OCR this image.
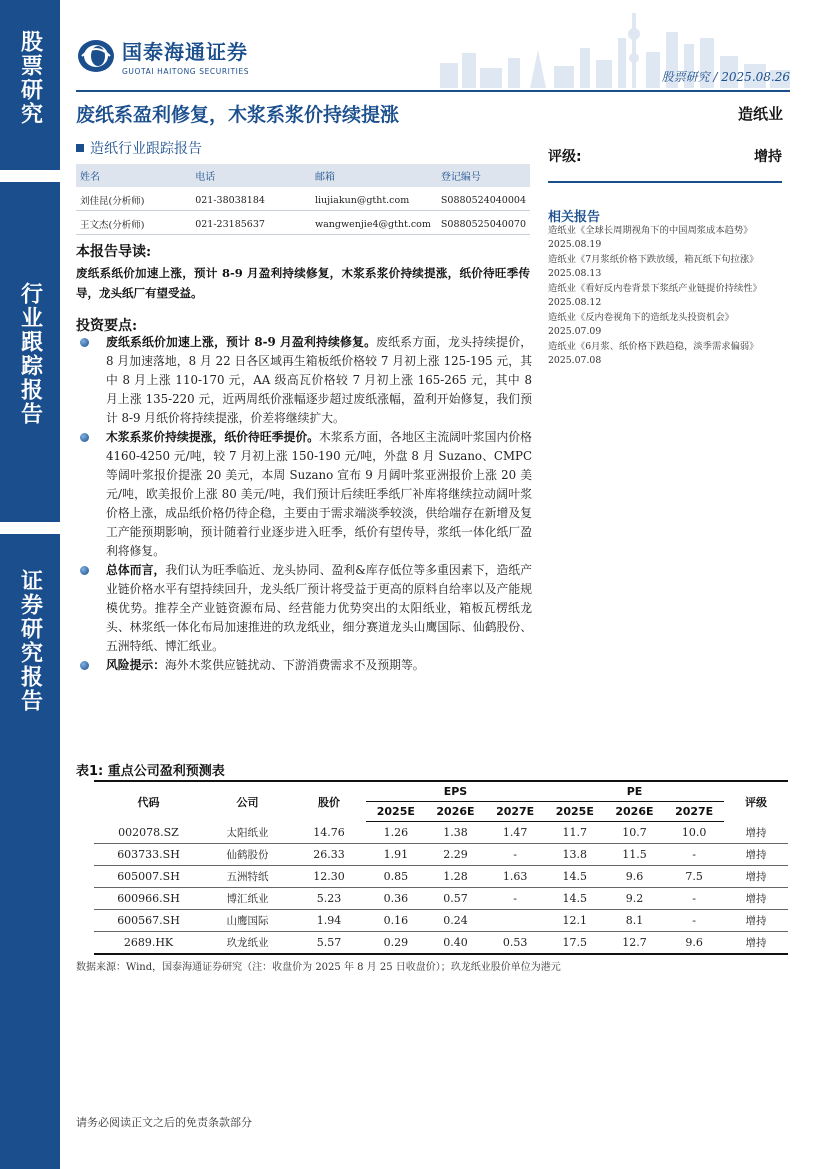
股票研究
行业跟踪报告
证券研究报告
国泰海通证券
GUOTAI HAITONG SECURITIES	股票研究 / 2025.08.26
废纸系盈利修复，木浆系浆价持续提涨	造纸业
造纸行业跟踪报告	评级:	增持
姓名	电话	邮箱	登记编号
刘佳昆(分析师)	021-38038184	liujiakun@gtht.com	S0880524040004
王文杰(分析师)	021-23185637	wangwenjie4@gtht.com	S0880525040070 相关报告
造纸业《全球长周期视角下的中国周浆成本趋势》2025.08.19
造纸业《7月浆纸价格下跌放缓，箱瓦纸下旬拉涨》2025.08.13
造纸业《看好反内卷背景下浆纸产业链提价持续性》2025.08.12
造纸业《反内卷视角下的造纸龙头投资机会》2025.07.09
造纸业《6月浆、纸价格下跌趋稳，淡季需求偏弱》2025.07.08
本报告导读:
废纸系纸价加速上涨，预计 8-9 月盈利持续修复，木浆系浆价持续提涨，纸价待旺季传导，龙头纸厂有望受益。
投资要点:
废纸系纸价加速上涨，预计 8-9 月盈利持续修复。废纸系方面，龙头持续提价，8 月加速落地，8 月 22 日各区域再生箱板纸价格较 7 月初上涨 125-195 元，其中 8 月上涨 110-170 元，AA 级高瓦价格较 7 月初上涨 165-265 元，其中 8 月上涨 135-220 元，近两周纸价涨幅逐步超过废纸涨幅，盈利开始修复，我们预计 8-9 月纸价将持续提涨，价差将继续扩大。
木浆系浆价持续提涨，纸价待旺季提价。木浆系方面，各地区主流阔叶浆国内价格 4160-4250 元/吨，较 7 月初上涨 150-190 元/吨，外盘 8 月 Suzano、CMPC 等阔叶浆报价提涨 20 美元，本周 Suzano 宣布 9 月阔叶浆亚洲报价上涨 20 美元/吨，欧美报价上涨 80 美元/吨，我们预计后续旺季纸厂补库将继续拉动阔叶浆价格上涨，成品纸价格仍待企稳，主要由于需求端淡季较淡，供给端存在新增及复工产能预期影响，预计随着行业逐步进入旺季，纸价有望传导，浆纸一体化纸厂盈利将修复。
总体而言，我们认为旺季临近、龙头协同、盈利&库存低位等多重因素下，造纸产业链价格水平有望持续回升，龙头纸厂预计将受益于更高的原料自给率以及产能规模优势。推荐全产业链资源布局、经营能力优势突出的太阳纸业，箱板瓦楞纸龙头、林浆纸一体化布局加速推进的玖龙纸业，细分赛道龙头山鹰国际、仙鹤股份、五洲特纸、博汇纸业。
风险提示：海外木浆供应链扰动、下游消费需求不及预期等。
表1: 重点公司盈利预测表
代码	公司	股价	EPS			PE			评级
			2025E	2026E	2027E	2025E	2026E	2027E	
002078.SZ	太阳纸业	14.76	1.26	1.38	1.47	11.7	10.7	10.0	增持
603733.SH	仙鹤股份	26.33	1.91	2.29	-	13.8	11.5	-	增持
605007.SH	五洲特纸	12.30	0.85	1.28	1.63	14.5	9.6	7.5	增持
600966.SH	博汇纸业	5.23	0.36	0.57	-	14.5	9.2	-	增持
600567.SH	山鹰国际	1.94	0.16	0.24		12.1	8.1	-	增持
2689.HK	玖龙纸业	5.57	0.29	0.40	0.53	17.5	12.7	9.6	增持
数据来源：Wind，国泰海通证券研究（注：收盘价为 2025 年 8 月 25 日收盘价）；玖龙纸业股价单位为港元
请务必阅读正文之后的免责条款部分
